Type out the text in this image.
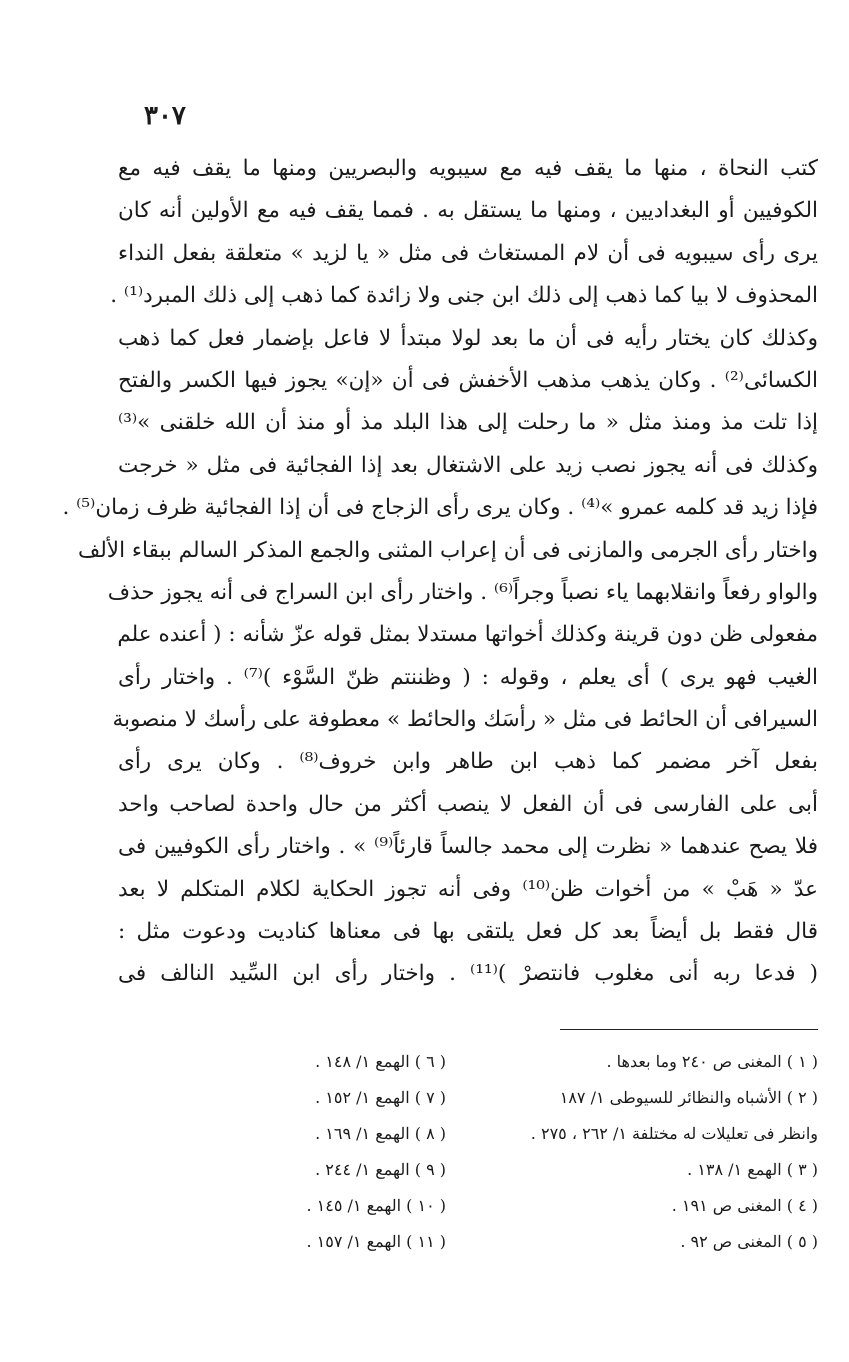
٣٠٧
كتب النحاة ، منها ما يقف فيه مع سيبويه والبصريين ومنها ما يقف فيه مع
الكوفيين أو البغداديين ، ومنها ما يستقل به . فمما يقف فيه مع الأولين أنه كان
يرى رأى سيبويه فى أن لام المستغاث فى مثل « يا لزيد » متعلقة بفعل النداء
المحذوف لا بيا كما ذهب إلى ذلك ابن جنى ولا زائدة كما ذهب إلى ذلك المبرد⁽¹⁾ .
وكذلك كان يختار رأيه فى أن ما بعد لولا مبتدأ لا فاعل بإضمار فعل كما ذهب
الكسائى⁽²⁾ . وكان يذهب مذهب الأخفش فى أن «إن» يجوز فيها الكسر والفتح
إذا تلت مذ ومنذ مثل « ما رحلت إلى هذا البلد مذ أو منذ أن الله خلقنى »⁽³⁾
وكذلك فى أنه يجوز نصب زيد على الاشتغال بعد إذا الفجائية فى مثل « خرجت
فإذا زيد قد كلمه عمرو »⁽⁴⁾ . وكان يرى رأى الزجاج فى أن إذا الفجائية ظرف زمان⁽⁵⁾ .
واختار رأى الجرمى والمازنى فى أن إعراب المثنى والجمع المذكر السالم ببقاء الألف
والواو رفعاً وانقلابهما ياء نصباً وجراً⁽⁶⁾ . واختار رأى ابن السراج فى أنه يجوز حذف
مفعولى ظن دون قرينة وكذلك أخواتها مستدلا بمثل قوله عزّ شأنه : ( أعنده علم
الغيب فهو يرى ) أى يعلم ، وقوله : ( وظننتم ظنّ السَّوْء )⁽⁷⁾ . واختار رأى
السيرافى أن الحائط فى مثل « رأسَك والحائط » معطوفة على رأسك لا منصوبة
بفعل آخر مضمر كما ذهب ابن طاهر وابن خروف⁽⁸⁾ . وكان يرى رأى
أبى على الفارسى فى أن الفعل لا ينصب أكثر من حال واحدة لصاحب واحد
فلا يصح عندهما « نظرت إلى محمد جالساً قارئاً⁽⁹⁾ » . واختار رأى الكوفيين فى
عدّ « هَبْ » من أخوات ظن⁽¹⁰⁾ وفى أنه تجوز الحكاية لكلام المتكلم لا بعد
قال فقط بل أيضاً بعد كل فعل يلتقى بها فى معناها كناديت ودعوت مثل :
( فدعا ربه أنى مغلوب فانتصرْ )⁽¹¹⁾ . واختار رأى ابن السِّيد النالف فى
( ١ ) المغنى ص ٢٤٠ وما بعدها .
( ٢ ) الأشباه والنظائر للسيوطى ١/ ١٨٧
وانظر فى تعليلات له مختلفة ١/ ٢٦٢ ، ٢٧٥ .
( ٣ ) الهمع ١/ ١٣٨ .
( ٤ ) المغنى ص ١٩١ .
( ٥ ) المغنى ص ٩٢ .
( ٦ ) الهمع ١/ ١٤٨ .
( ٧ ) الهمع ١/ ١٥٢ .
( ٨ ) الهمع ١/ ١٦٩ .
( ٩ ) الهمع ١/ ٢٤٤ .
( ١٠ ) الهمع ١/ ١٤٥ .
( ١١ ) الهمع ١/ ١٥٧ .
